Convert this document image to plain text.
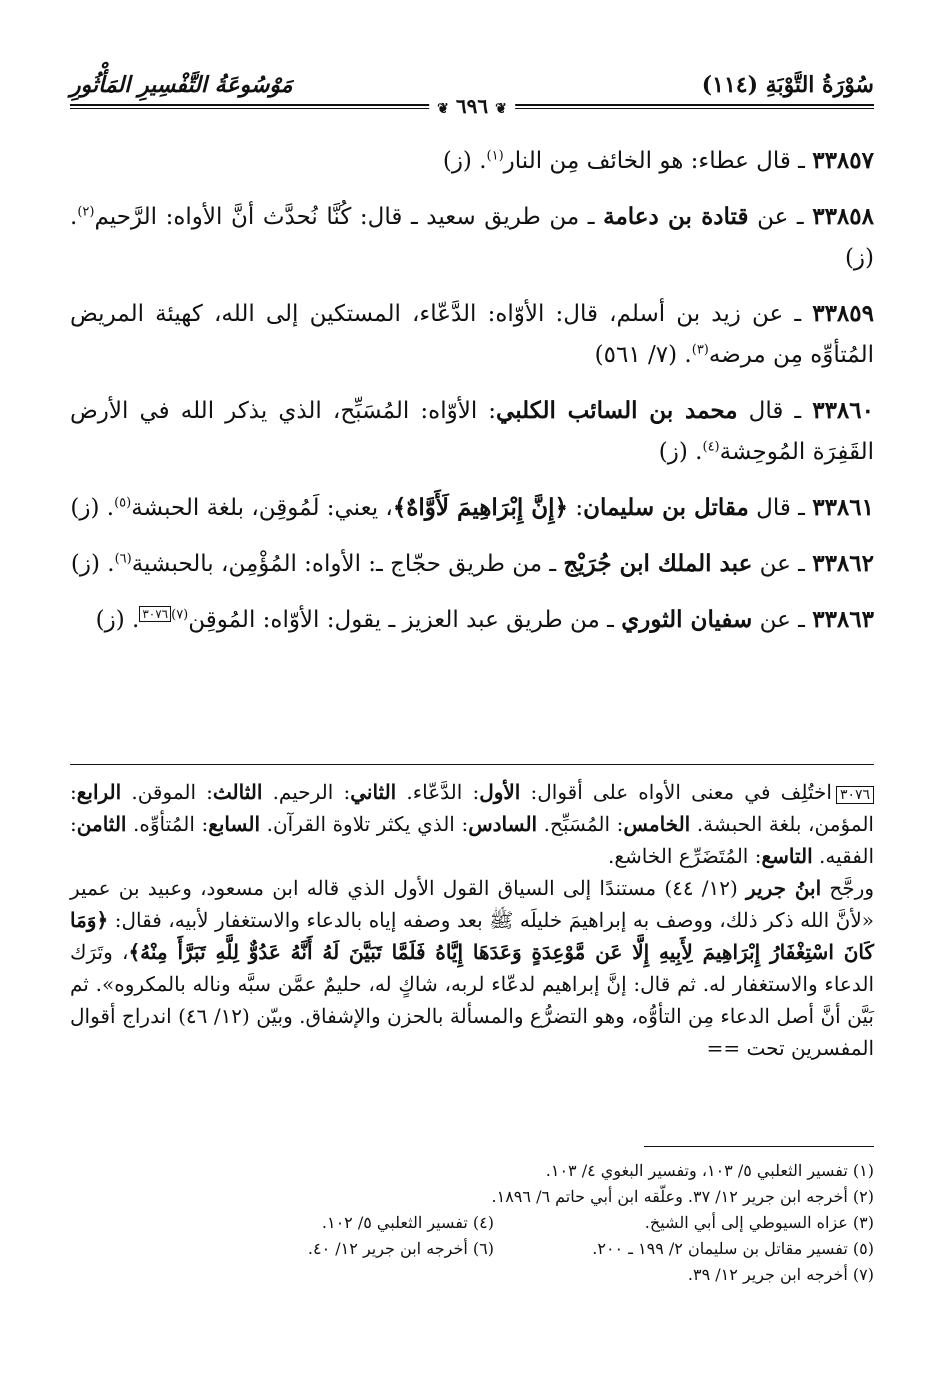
سُوْرَةُ التَّوْبَةِ (١١٤)
مَوْسُوعَةُ التَّفْسِيرِ المَأْثُورِ
❦ ٦٩٦ ❦

٣٣٨٥٧ ـ قال عطاء: هو الخائف مِن النار$^{(١)}$. (ز)

٣٣٨٥٨ ـ عن قتادة بن دعامة ـ من طريق سعيد ـ قال: كُنَّا نُحدَّث أنَّ الأواه: الرَّحيم$^{(٢)}$. (ز)

٣٣٨٥٩ ـ عن زيد بن أسلم، قال: الأوّاه: الدَّعّاء، المستكين إلى الله، كهيئة المريض المُتأوِّه مِن مرضه$^{(٣)}$. (٧/ ٥٦١)

٣٣٨٦٠ ـ قال محمد بن السائب الكلبي: الأوّاه: المُسَبِّح، الذي يذكر الله في الأرض القَفِرَة المُوحِشة$^{(٤)}$. (ز)

٣٣٨٦١ ـ قال مقاتل بن سليمان: ﴿إِنَّ إِبْرَاهِيمَ لَأَوَّاهٌ﴾، يعني: لَمُوقِن، بلغة الحبشة$^{(٥)}$. (ز)

٣٣٨٦٢ ـ عن عبد الملك ابن جُرَيْج ـ من طريق حجّاج ـ: الأواه: المُؤْمِن، بالحبشية$^{(٦)}$. (ز)

٣٣٨٦٣ ـ عن سفيان الثوري ـ من طريق عبد العزيز ـ يقول: الأوّاه: المُوقِن$^{(٧)}$٣٠٧٦. (ز)

٣٠٧٦اختُلِف في معنى الأواه على أقوال: الأول: الدَّعّاء. الثاني: الرحيم. الثالث: الموقن. الرابع: المؤمن، بلغة الحبشة. الخامس: المُسَبِّح. السادس: الذي يكثر تلاوة القرآن. السابع: المُتأوِّه. الثامن: الفقيه. التاسع: المُتَضَرِّع الخاشع.

ورجَّح ابنُ جرير (١٢/ ٤٤) مستندًا إلى السياق القول الأول الذي قاله ابن مسعود، وعبيد بن عمير «لأنَّ الله ذكر ذلك، ووصف به إبراهيمَ خليلَه ﷺ بعد وصفه إياه بالدعاء والاستغفار لأبيه، فقال: ﴿وَمَا كَانَ اسْتِغْفَارُ إِبْرَاهِيمَ لِأَبِيهِ إِلَّا عَن مَّوْعِدَةٍ وَعَدَهَا إِيَّاهُ فَلَمَّا تَبَيَّنَ لَهُ أَنَّهُ عَدُوٌّ لِلَّهِ تَبَرَّأَ مِنْهُ﴾، وتَرَك الدعاء والاستغفار له. ثم قال: إنَّ إبراهيم لدعّاء لربه، شاكٍ له، حليمٌ عمَّن سبَّه وناله بالمكروه». ثم بَيَّن أنَّ أصل الدعاء مِن التأوُّه، وهو التضرُّع والمسألة بالحزن والإشفاق. وبيّن (١٢/ ٤٦) اندراج أقوال المفسرين تحت ==

(١) تفسير الثعلبي ٥/ ١٠٣، وتفسير البغوي ٤/ ١٠٣.
(٢) أخرجه ابن جرير ١٢/ ٣٧. وعلّقه ابن أبي حاتم ٦/ ١٨٩٦.
(٣) عزاه السيوطي إلى أبي الشيخ.
(٤) تفسير الثعلبي ٥/ ١٠٢.
(٥) تفسير مقاتل بن سليمان ٢/ ١٩٩ ـ ٢٠٠.
(٦) أخرجه ابن جرير ١٢/ ٤٠.
(٧) أخرجه ابن جرير ١٢/ ٣٩.
